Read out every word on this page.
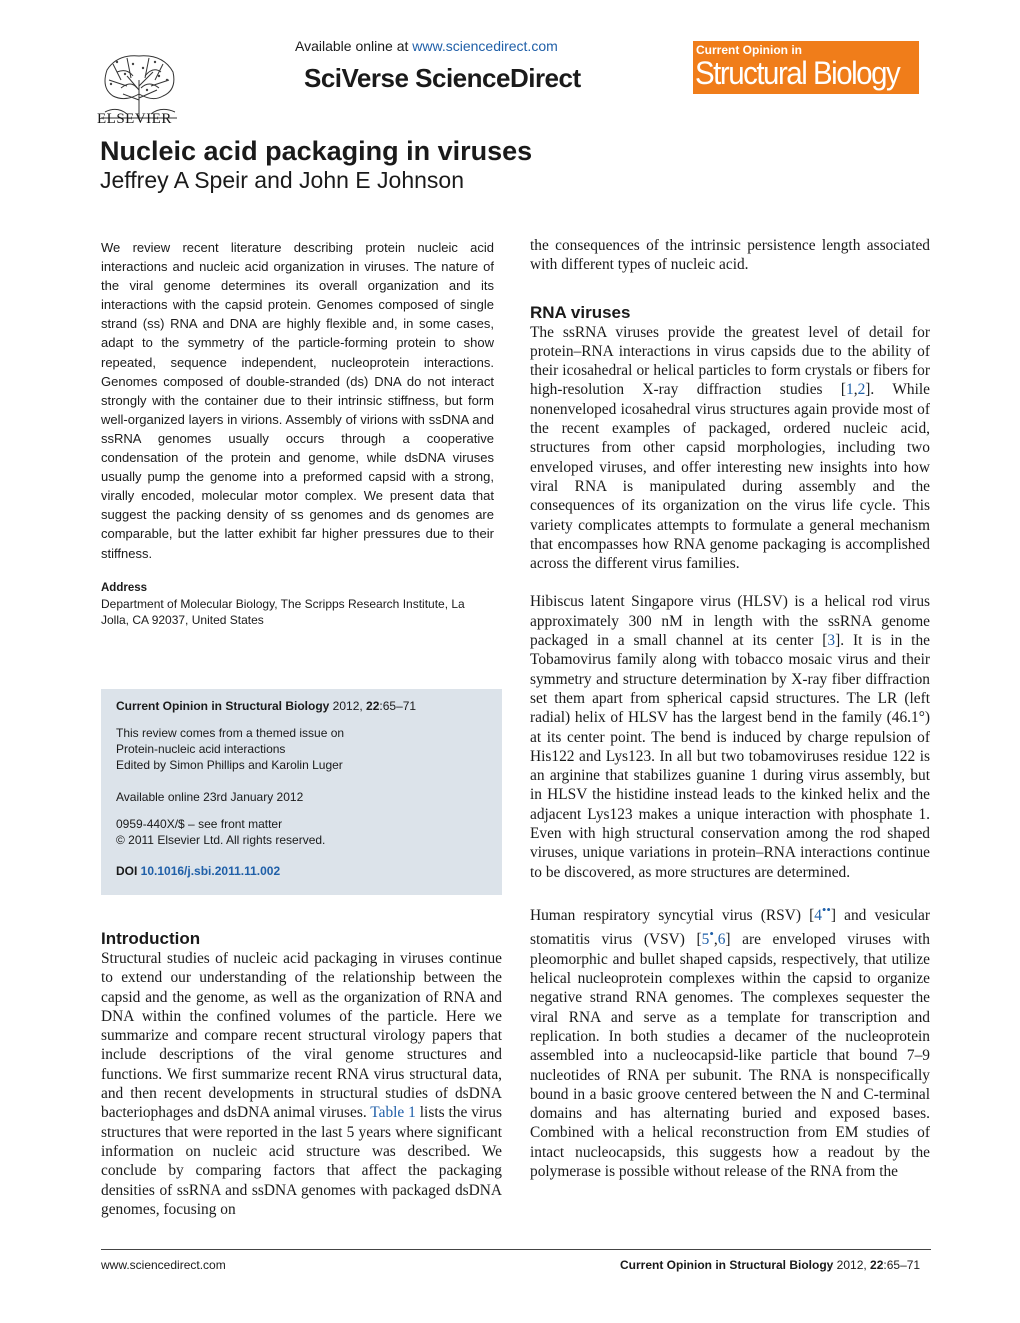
ELSEVIER
Available online at www.sciencedirect.com
SciVerse ScienceDirect
Current Opinion in
Structural Biology
Nucleic acid packaging in viruses
Jeffrey A Speir and John E Johnson

We review recent literature describing protein nucleic acid interactions and nucleic acid organization in viruses. The nature of the viral genome determines its overall organization and its interactions with the capsid protein. Genomes composed of single strand (ss) RNA and DNA are highly flexible and, in some cases, adapt to the symmetry of the particle-forming protein to show repeated, sequence independent, nucleoprotein interactions. Genomes composed of double-stranded (ds) DNA do not interact strongly with the container due to their intrinsic stiffness, but form well-organized layers in virions. Assembly of virions with ssDNA and ssRNA genomes usually occurs through a cooperative condensation of the protein and genome, while dsDNA viruses usually pump the genome into a preformed capsid with a strong, virally encoded, molecular motor complex. We present data that suggest the packing density of ss genomes and ds genomes are comparable, but the latter exhibit far higher pressures due to their stiffness.

Address

Department of Molecular Biology, The Scripps Research Institute, La Jolla, CA 92037, United States

Current Opinion in Structural Biology 2012, 22:65–71
This review comes from a themed issue on
Protein-nucleic acid interactions
Edited by Simon Phillips and Karolin Luger
Available online 23rd January 2012
0959-440X/$ – see front matter
© 2011 Elsevier Ltd. All rights reserved.
DOI 10.1016/j.sbi.2011.11.002
Introduction

Structural studies of nucleic acid packaging in viruses continue to extend our understanding of the relationship between the capsid and the genome, as well as the organization of RNA and DNA within the confined volumes of the particle. Here we summarize and compare recent structural virology papers that include descriptions of the viral genome structures and functions. We first summarize recent RNA virus structural data, and then recent developments in structural studies of dsDNA bacteriophages and dsDNA animal viruses. Table 1 lists the virus structures that were reported in the last 5 years where significant information on nucleic acid structure was described. We conclude by comparing factors that affect the packaging densities of ssRNA and ssDNA genomes with packaged dsDNA genomes, focusing on

the consequences of the intrinsic persistence length associated with different types of nucleic acid.

RNA viruses

The ssRNA viruses provide the greatest level of detail for protein–RNA interactions in virus capsids due to the ability of their icosahedral or helical particles to form crystals or fibers for high-resolution X-ray diffraction studies [1,2]. While nonenveloped icosahedral virus structures again provide most of the recent examples of packaged, ordered nucleic acid, structures from other capsid morphologies, including two enveloped viruses, and offer interesting new insights into how viral RNA is manipulated during assembly and the consequences of its organization on the virus life cycle. This variety complicates attempts to formulate a general mechanism that encompasses how RNA genome packaging is accomplished across the different virus families.

Hibiscus latent Singapore virus (HLSV) is a helical rod virus approximately 300 nM in length with the ssRNA genome packaged in a small channel at its center [3]. It is in the Tobamovirus family along with tobacco mosaic virus and their symmetry and structure determination by X-ray fiber diffraction set them apart from spherical capsid structures. The LR (left radial) helix of HLSV has the largest bend in the family (46.1°) at its center point. The bend is induced by charge repulsion of His122 and Lys123. In all but two tobamoviruses residue 122 is an arginine that stabilizes guanine 1 during virus assembly, but in HLSV the histidine instead leads to the kinked helix and the adjacent Lys123 makes a unique interaction with phosphate 1. Even with high structural conservation among the rod shaped viruses, unique variations in protein–RNA interactions continue to be discovered, as more structures are determined.

Human respiratory syncytial virus (RSV) [4••] and vesicular stomatitis virus (VSV) [5•,6] are enveloped viruses with pleomorphic and bullet shaped capsids, respectively, that utilize helical nucleoprotein complexes within the capsid to organize negative strand RNA genomes. The complexes sequester the viral RNA and serve as a template for transcription and replication. In both studies a decamer of the nucleoprotein assembled into a nucleocapsid-like particle that bound 7–9 nucleotides of RNA per subunit. The RNA is nonspecifically bound in a basic groove centered between the N and C-terminal domains and has alternating buried and exposed bases. Combined with a helical reconstruction from EM studies of intact nucleocapsids, this suggests how a readout by the polymerase is possible without release of the RNA from the

www.sciencedirect.com	Current Opinion in Structural Biology 2012, 22:65–71
